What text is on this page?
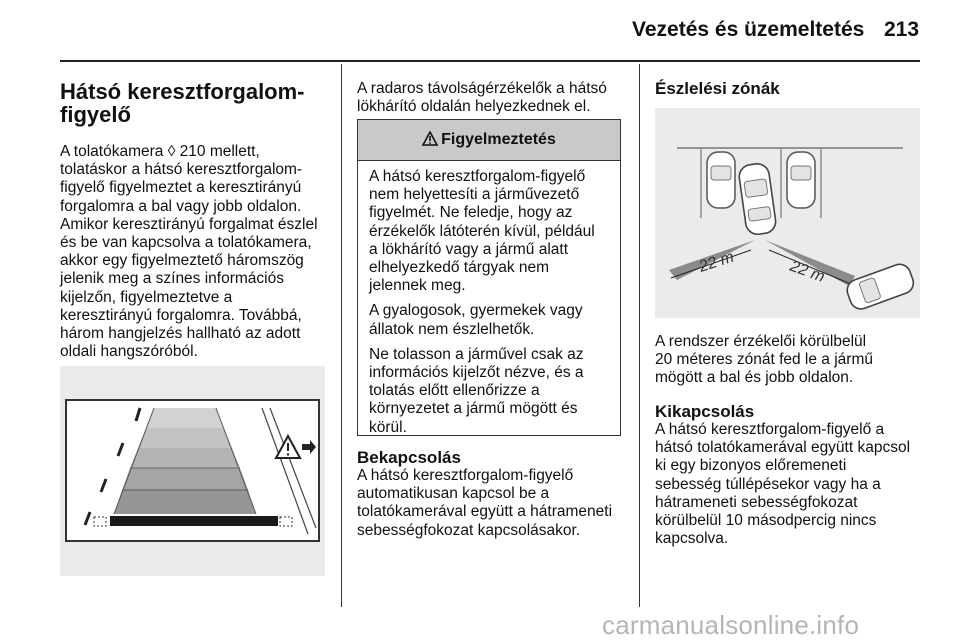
Vezetés és üzemeltetés 213
Hátsó keresztforgalom-
figyelő
A tolatókamera ◊ 210 mellett,
tolatáskor a hátsó keresztforgalom-
figyelő figyelmeztet a keresztirányú
forgalomra a bal vagy jobb oldalon.
Amikor keresztirányú forgalmat észlel
és be van kapcsolva a tolatókamera,
akkor egy figyelmeztető háromszög
jelenik meg a színes információs
kijelzőn, figyelmeztetve a
keresztirányú forgalomra. Továbbá,
három hangjelzés hallható az adott
oldali hangszóróból.
A radaros távolságérzékelők a hátsó
lökhárító oldalán helyezkednek el.
Figyelmeztetés

A hátsó keresztforgalom-figyelő
nem helyettesíti a járművezető
figyelmét. Ne feledje, hogy az
érzékelők látóterén kívül, például
a lökhárító vagy a jármű alatt
elhelyezkedő tárgyak nem
jelennek meg.

A gyalogosok, gyermekek vagy
állatok nem észlelhetők.

Ne tolasson a járművel csak az
információs kijelzőt nézve, és a
tolatás előtt ellenőrizze a
környezetet a jármű mögött és
körül.

Bekapcsolás
A hátsó keresztforgalom-figyelő
automatikusan kapcsol be a
tolatókamerával együtt a hátrameneti
sebességfokozat kapcsolásakor.
Észlelési zónák
22 m	22 m
A rendszer érzékelői körülbelül
20 méteres zónát fed le a jármű
mögött a bal és jobb oldalon.
Kikapcsolás
A hátsó keresztforgalom-figyelő a
hátsó tolatókamerával együtt kapcsol
ki egy bizonyos előremeneti
sebesség túllépésekor vagy ha a
hátrameneti sebességfokozat
körülbelül 10 másodpercig nincs
kapcsolva.
carmanualsonline.info
